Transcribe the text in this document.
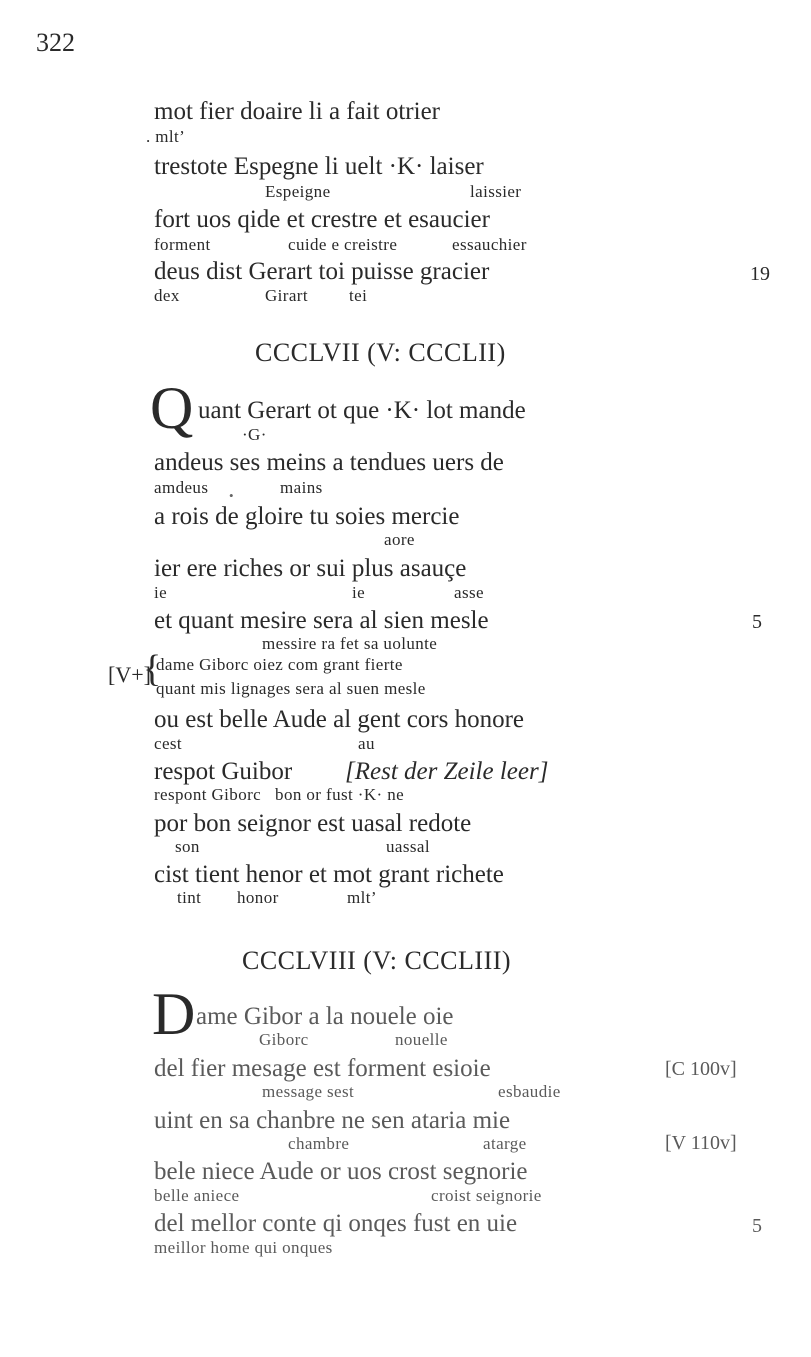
322
mot fier doaire li a fait otrier
. mlt’
trestote Espegne li uelt ·K· laiser
Espeigne	laissier
fort uos qide et crestre et esaucier
forment	cuide e creistre	essauchier
deus dist Gerart toi puisse gracier	19
dex	Girart tei
CCCLVII (V: CCCLII)
Q uant Gerart ot que ·K· lot mande
·G·
andeus ses meins a tendues uers de
amdeus	mains
•
a rois de gloire tu soies mercie
aore
ier ere riches or sui plus asauçe
ie	ie	asse
et quant mesire sera al sien mesle	5
messire ra fet sa uolunte
[V+]
{
dame Giborc oiez com grant fierte
quant mis lignages sera al suen mesle
ou est belle Aude al gent cors honore
cest	au
respot Guibor [Rest der Zeile leer]
respont Giborc   bon or fust ·K· ne
por bon seignor est uasal redote
son	uassal
cist tient henor et mot grant richete
tint honor	mlt’
CCCLVIII (V: CCCLIII)
D ame Gibor a la nouele oie
Giborc	nouelle
del fier mesage est forment esioie	[C 100v]
message sest	esbaudie
uint en sa chanbre ne sen ataria mie
[V 110v]
chambre	atarge
bele niece Aude or uos crost segnorie
belle aniece	croist seignorie
del mellor conte qi onqes fust en uie	5
meillor home qui onques
